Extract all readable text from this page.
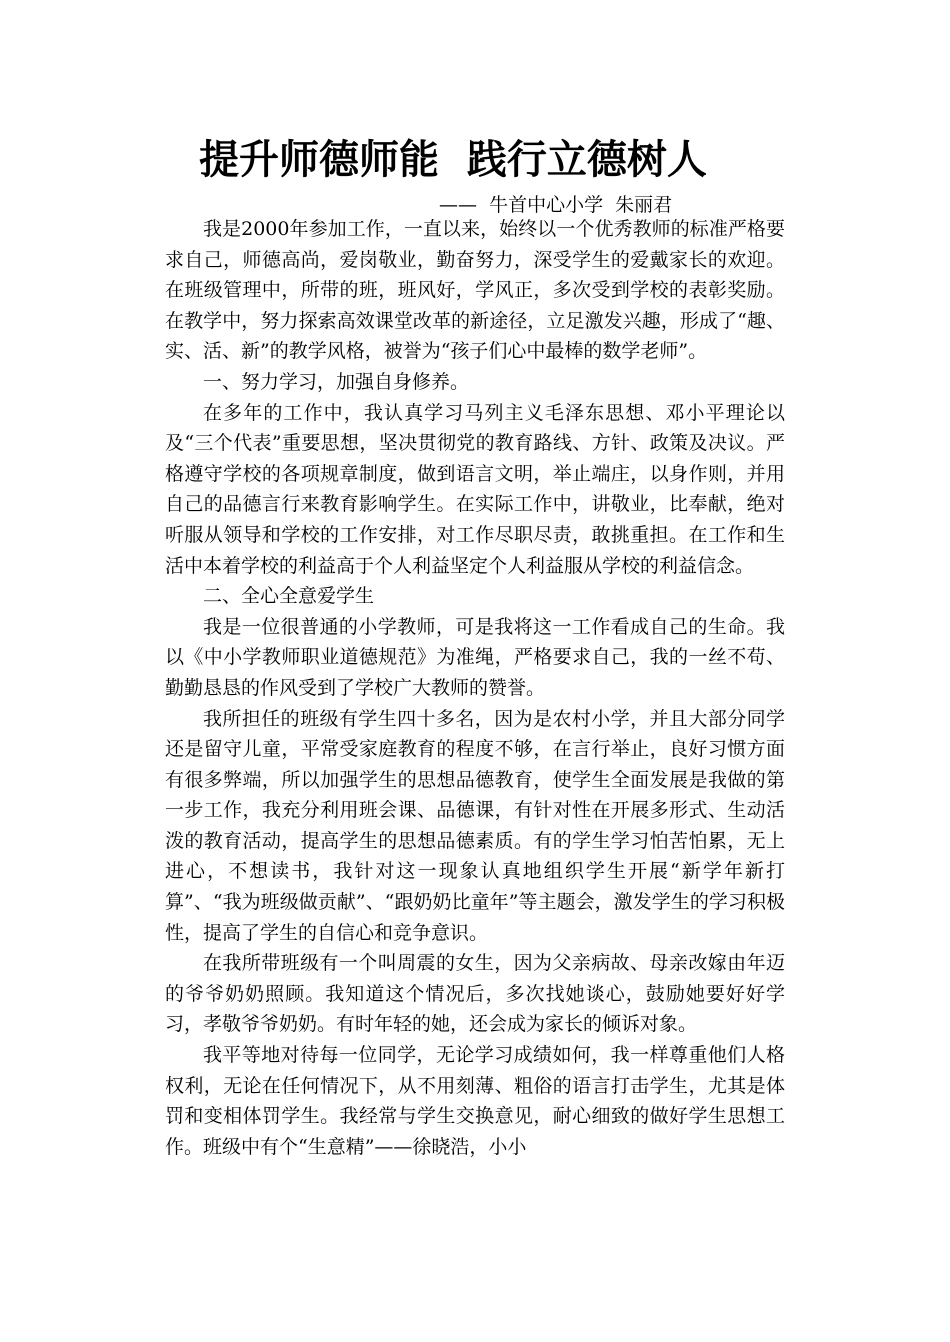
提升师德师能  践行立德树人
——  牛首中心小学  朱丽君

我是2000年参加工作，一直以来，始终以一个优秀教师的标准严格要求自己，师德高尚，爱岗敬业，勤奋努力，深受学生的爱戴家长的欢迎。在班级管理中，所带的班，班风好，学风正，多次受到学校的表彰奖励。在教学中，努力探索高效课堂改革的新途径，立足激发兴趣，形成了“趣、实、活、新”的教学风格，被誉为“孩子们心中最棒的数学老师”。

一、努力学习，加强自身修养。

在多年的工作中，我认真学习马列主义毛泽东思想、邓小平理论以及“三个代表”重要思想，坚决贯彻党的教育路线、方针、政策及决议。严格遵守学校的各项规章制度，做到语言文明，举止端庄，以身作则，并用自己的品德言行来教育影响学生。在实际工作中，讲敬业，比奉献，绝对听服从领导和学校的工作安排，对工作尽职尽责，敢挑重担。在工作和生活中本着学校的利益高于个人利益坚定个人利益服从学校的利益信念。

二、全心全意爱学生

我是一位很普通的小学教师，可是我将这一工作看成自己的生命。我以《中小学教师职业道德规范》为准绳，严格要求自己，我的一丝不苟、勤勤恳恳的作风受到了学校广大教师的赞誉。

我所担任的班级有学生四十多名，因为是农村小学，并且大部分同学还是留守儿童，平常受家庭教育的程度不够，在言行举止，良好习惯方面有很多弊端，所以加强学生的思想品德教育，使学生全面发展是我做的第一步工作，我充分利用班会课、品德课，有针对性在开展多形式、生动活泼的教育活动，提高学生的思想品德素质。有的学生学习怕苦怕累，无上进心，不想读书，我针对这一现象认真地组织学生开展“新学年新打算”、“我为班级做贡献”、“跟奶奶比童年”等主题会，激发学生的学习积极性，提高了学生的自信心和竞争意识。

在我所带班级有一个叫周震的女生，因为父亲病故、母亲改嫁由年迈的爷爷奶奶照顾。我知道这个情况后，多次找她谈心，鼓励她要好好学习，孝敬爷爷奶奶。有时年轻的她，还会成为家长的倾诉对象。

我平等地对待每一位同学，无论学习成绩如何，我一样尊重他们人格权利，无论在任何情况下，从不用刻薄、粗俗的语言打击学生，尤其是体罚和变相体罚学生。我经常与学生交换意见，耐心细致的做好学生思想工作。班级中有个“生意精”——徐晓浩，小小
